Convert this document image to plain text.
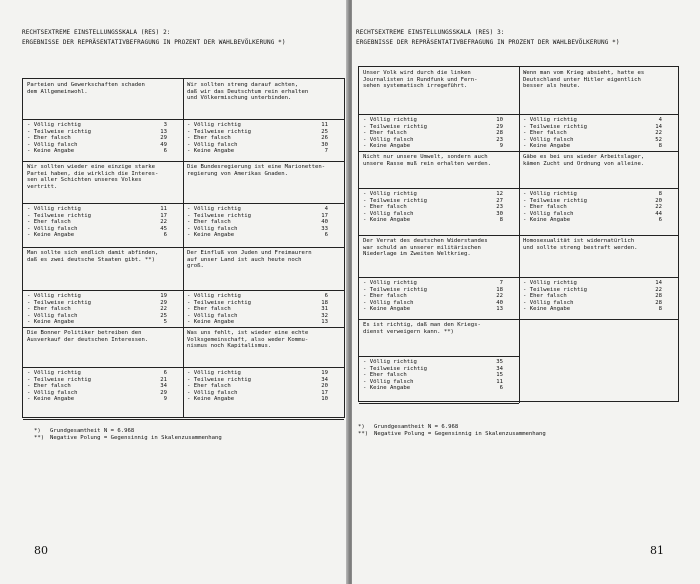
RECHTSEXTREME EINSTELLUNGSSKALA (RES) 2:
ERGEBNISSE DER REPRÄSENTATIVBEFRAGUNG IN PROZENT DER WAHLBEVÖLKERUNG *)
Parteien und Gewerkschaften schaden
dem Allgemeinwohl.
- Völlig richtig	3
- Teilweise richtig	13
- Eher falsch	29
- Völlig falsch	49
- Keine Angabe	6
Wir sollten streng darauf achten,
daß wir das Deutschtum rein erhalten
und Völkermischung unterbinden.
- Völlig richtig	11
- Teilweise richtig	25
- Eher falsch	26
- Völlig falsch	30
- Keine Angabe	7
Wir sollten wieder eine einzige starke
Partei haben, die wirklich die Interes-
sen aller Schichten unseres Volkes
vertritt.
- Völlig richtig	11
- Teilweise richtig	17
- Eher falsch	22
- Völlig falsch	45
- Keine Angabe	6
Die Bundesregierung ist eine Marionetten-
regierung von Amerikas Gnaden.
- Völlig richtig	4
- Teilweise richtig	17
- Eher falsch	40
- Völlig falsch	33
- Keine Angabe	6
Man sollte sich endlich damit abfinden,
daß es zwei deutsche Staaten gibt. **)
- Völlig richtig	19
- Teilweise richtig	29
- Eher falsch	22
- Völlig falsch	25
- Keine Angabe	5
Der Einfluß von Juden und Freimaurern
auf unser Land ist auch heute noch
groß.
- Völlig richtig	6
- Teilweise richtig	18
- Eher falsch	31
- Völlig falsch	32
- Keine Angabe	13
Die Bonner Politiker betreiben den
Ausverkauf der deutschen Interessen.
- Völlig richtig	6
- Teilweise richtig	21
- Eher falsch	34
- Völlig falsch	29
- Keine Angabe	9
Was uns fehlt, ist wieder eine echte
Volksgemeinschaft, also weder Kommu-
nismus noch Kapitalismus.
- Völlig richtig	19
- Teilweise richtig	34
- Eher falsch	20
- Völlig falsch	17
- Keine Angabe	10
*)	Grundgesamtheit N = 6.968
**)	Negative Polung = Gegensinnig in Skalenzusammenhang
80
RECHTSEXTREME EINSTELLUNGSSKALA (RES) 3:
ERGEBNISSE DER REPRÄSENTATIVBEFRAGUNG IN PROZENT DER WAHLBEVÖLKERUNG *)
Unser Volk wird durch die linken
Journalisten in Rundfunk und Fern-
sehen systematisch irregeführt.
- Völlig richtig	10
- Teilweise richtig	29
- Eher falsch	28
- Völlig falsch	23
- Keine Angabe	9
Wenn man vom Krieg absieht, hatte es
Deutschland unter Hitler eigentlich
besser als heute.
- Völlig richtig	4
- Teilweise richtig	14
- Eher falsch	22
- Völlig falsch	52
- Keine Angabe	8
Nicht nur unsere Umwelt, sondern auch
unsere Rasse muß rein erhalten werden.
- Völlig richtig	12
- Teilweise richtig	27
- Eher falsch	23
- Völlig falsch	30
- Keine Angabe	8
Gäbe es bei uns wieder Arbeitslager,
kämen Zucht und Ordnung von alleine.
- Völlig richtig	8
- Teilweise richtig	20
- Eher falsch	22
- Völlig falsch	44
- Keine Angabe	6
Der Verrat des deutschen Widerstandes
war schuld an unserer militärischen
Niederlage im Zweiten Weltkrieg.
- Völlig richtig	7
- Teilweise richtig	18
- Eher falsch	22
- Völlig falsch	40
- Keine Angabe	13
Homosexualität ist widernatürlich
und sollte streng bestraft werden.
- Völlig richtig	14
- Teilweise richtig	22
- Eher falsch	28
- Völlig falsch	28
- Keine Angabe	8
Es ist richtig, daß man den Kriegs-
dienst verweigern kann. **)
- Völlig richtig	35
- Teilweise richtig	34
- Eher falsch	15
- Völlig falsch	11
- Keine Angabe	6
*)	Grundgesamtheit N = 6.968
**)	Negative Polung = Gegensinnig in Skalenzusammenhang
81
